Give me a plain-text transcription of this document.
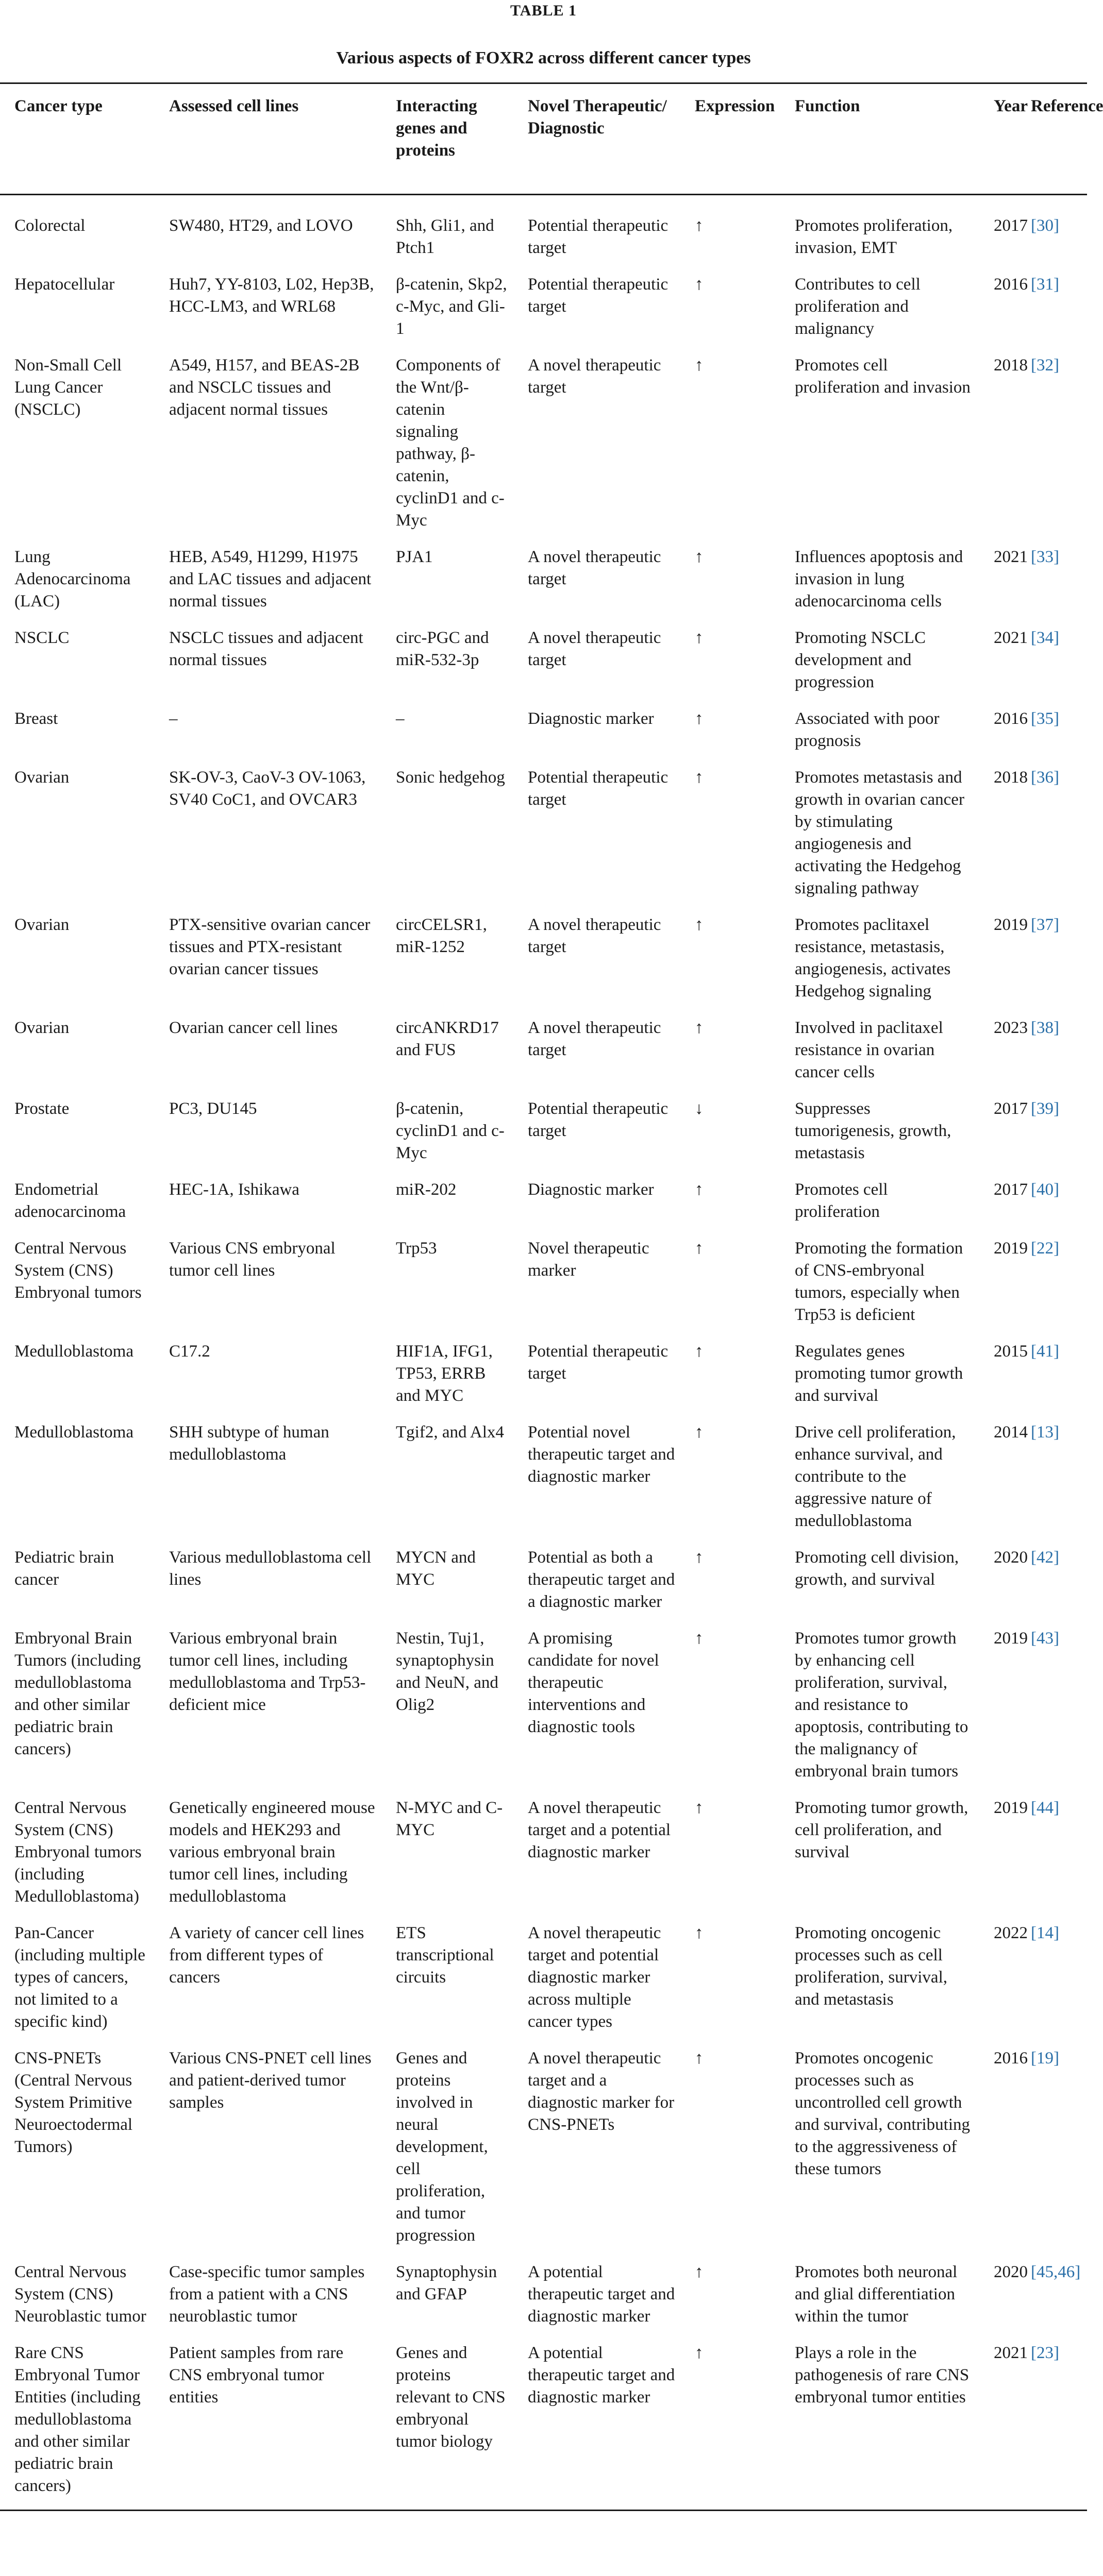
TABLE 1
Various aspects of FOXR2 across different cancer types
Cancer type	Assessed cell lines	Interacting genes and proteins	Novel Therapeutic/ Diagnostic	Expression	Function	Year	Reference
Colorectal	SW480, HT29, and LOVO	Shh, Gli1, and Ptch1	Potential therapeutic target	↑	Promotes proliferation, invasion, EMT	2017	[30]
Hepatocellular	Huh7, YY-8103, L02, Hep3B, HCC-LM3, and WRL68	β-catenin, Skp2, c-Myc, and Gli-1	Potential therapeutic target	↑	Contributes to cell proliferation and malignancy	2016	[31]
Non-Small Cell Lung Cancer (NSCLC)	A549, H157, and BEAS-2B and NSCLC tissues and adjacent normal tissues	Components of the Wnt/β-catenin signaling pathway, β-catenin, cyclinD1 and c-Myc	A novel therapeutic target	↑	Promotes cell proliferation and invasion	2018	[32]
Lung Adenocarcinoma (LAC)	HEB, A549, H1299, H1975 and LAC tissues and adjacent normal tissues	PJA1	A novel therapeutic target	↑	Influences apoptosis and invasion in lung adenocarcinoma cells	2021	[33]
NSCLC	NSCLC tissues and adjacent normal tissues	circ-PGC and miR-532-3p	A novel therapeutic target	↑	Promoting NSCLC development and progression	2021	[34]
Breast	–	–	Diagnostic marker	↑	Associated with poor prognosis	2016	[35]
Ovarian	SK-OV-3, CaoV-3 OV-1063, SV40 CoC1, and OVCAR3	Sonic hedgehog	Potential therapeutic target	↑	Promotes metastasis and growth in ovarian cancer by stimulating angiogenesis and activating the Hedgehog signaling pathway	2018	[36]
Ovarian	PTX-sensitive ovarian cancer tissues and PTX-resistant ovarian cancer tissues	circCELSR1, miR-1252	A novel therapeutic target	↑	Promotes paclitaxel resistance, metastasis, angiogenesis, activates Hedgehog signaling	2019	[37]
Ovarian	Ovarian cancer cell lines	circANKRD17 and FUS	A novel therapeutic target	↑	Involved in paclitaxel resistance in ovarian cancer cells	2023	[38]
Prostate	PC3, DU145	β-catenin, cyclinD1 and c-Myc	Potential therapeutic target	↓	Suppresses tumorigenesis, growth, metastasis	2017	[39]
Endometrial adenocarcinoma	HEC-1A, Ishikawa	miR-202	Diagnostic marker	↑	Promotes cell proliferation	2017	[40]
Central Nervous System (CNS) Embryonal tumors	Various CNS embryonal tumor cell lines	Trp53	Novel therapeutic marker	↑	Promoting the formation of CNS-embryonal tumors, especially when Trp53 is deficient	2019	[22]
Medulloblastoma	C17.2	HIF1A, IFG1, TP53, ERRB and MYC	Potential therapeutic target	↑	Regulates genes promoting tumor growth and survival	2015	[41]
Medulloblastoma	SHH subtype of human medulloblastoma	Tgif2, and Alx4	Potential novel therapeutic target and diagnostic marker	↑	Drive cell proliferation, enhance survival, and contribute to the aggressive nature of medulloblastoma	2014	[13]
Pediatric brain cancer	Various medulloblastoma cell lines	MYCN and MYC	Potential as both a therapeutic target and a diagnostic marker	↑	Promoting cell division, growth, and survival	2020	[42]
Embryonal Brain Tumors (including medulloblastoma and other similar pediatric brain cancers)	Various embryonal brain tumor cell lines, including medulloblastoma and Trp53-deficient mice	Nestin, Tuj1, synaptophysin and NeuN, and Olig2	A promising candidate for novel therapeutic interventions and diagnostic tools	↑	Promotes tumor growth by enhancing cell proliferation, survival, and resistance to apoptosis, contributing to the malignancy of embryonal brain tumors	2019	[43]
Central Nervous System (CNS) Embryonal tumors (including Medulloblastoma)	Genetically engineered mouse models and HEK293 and various embryonal brain tumor cell lines, including medulloblastoma	N-MYC and C-MYC	A novel therapeutic target and a potential diagnostic marker	↑	Promoting tumor growth, cell proliferation, and survival	2019	[44]
Pan-Cancer (including multiple types of cancers, not limited to a specific kind)	A variety of cancer cell lines from different types of cancers	ETS transcriptional circuits	A novel therapeutic target and potential diagnostic marker across multiple cancer types	↑	Promoting oncogenic processes such as cell proliferation, survival, and metastasis	2022	[14]
CNS-PNETs (Central Nervous System Primitive Neuroectodermal Tumors)	Various CNS-PNET cell lines and patient-derived tumor samples	Genes and proteins involved in neural development, cell proliferation, and tumor progression	A novel therapeutic target and a diagnostic marker for CNS-PNETs	↑	Promotes oncogenic processes such as uncontrolled cell growth and survival, contributing to the aggressiveness of these tumors	2016	[19]
Central Nervous System (CNS) Neuroblastic tumor	Case-specific tumor samples from a patient with a CNS neuroblastic tumor	Synaptophysin and GFAP	A potential therapeutic target and diagnostic marker	↑	Promotes both neuronal and glial differentiation within the tumor	2020	[45,46]
Rare CNS Embryonal Tumor Entities (including medulloblastoma and other similar pediatric brain cancers)	Patient samples from rare CNS embryonal tumor entities	Genes and proteins relevant to CNS embryonal tumor biology	A potential therapeutic target and diagnostic marker	↑	Plays a role in the pathogenesis of rare CNS embryonal tumor entities	2021	[23]
